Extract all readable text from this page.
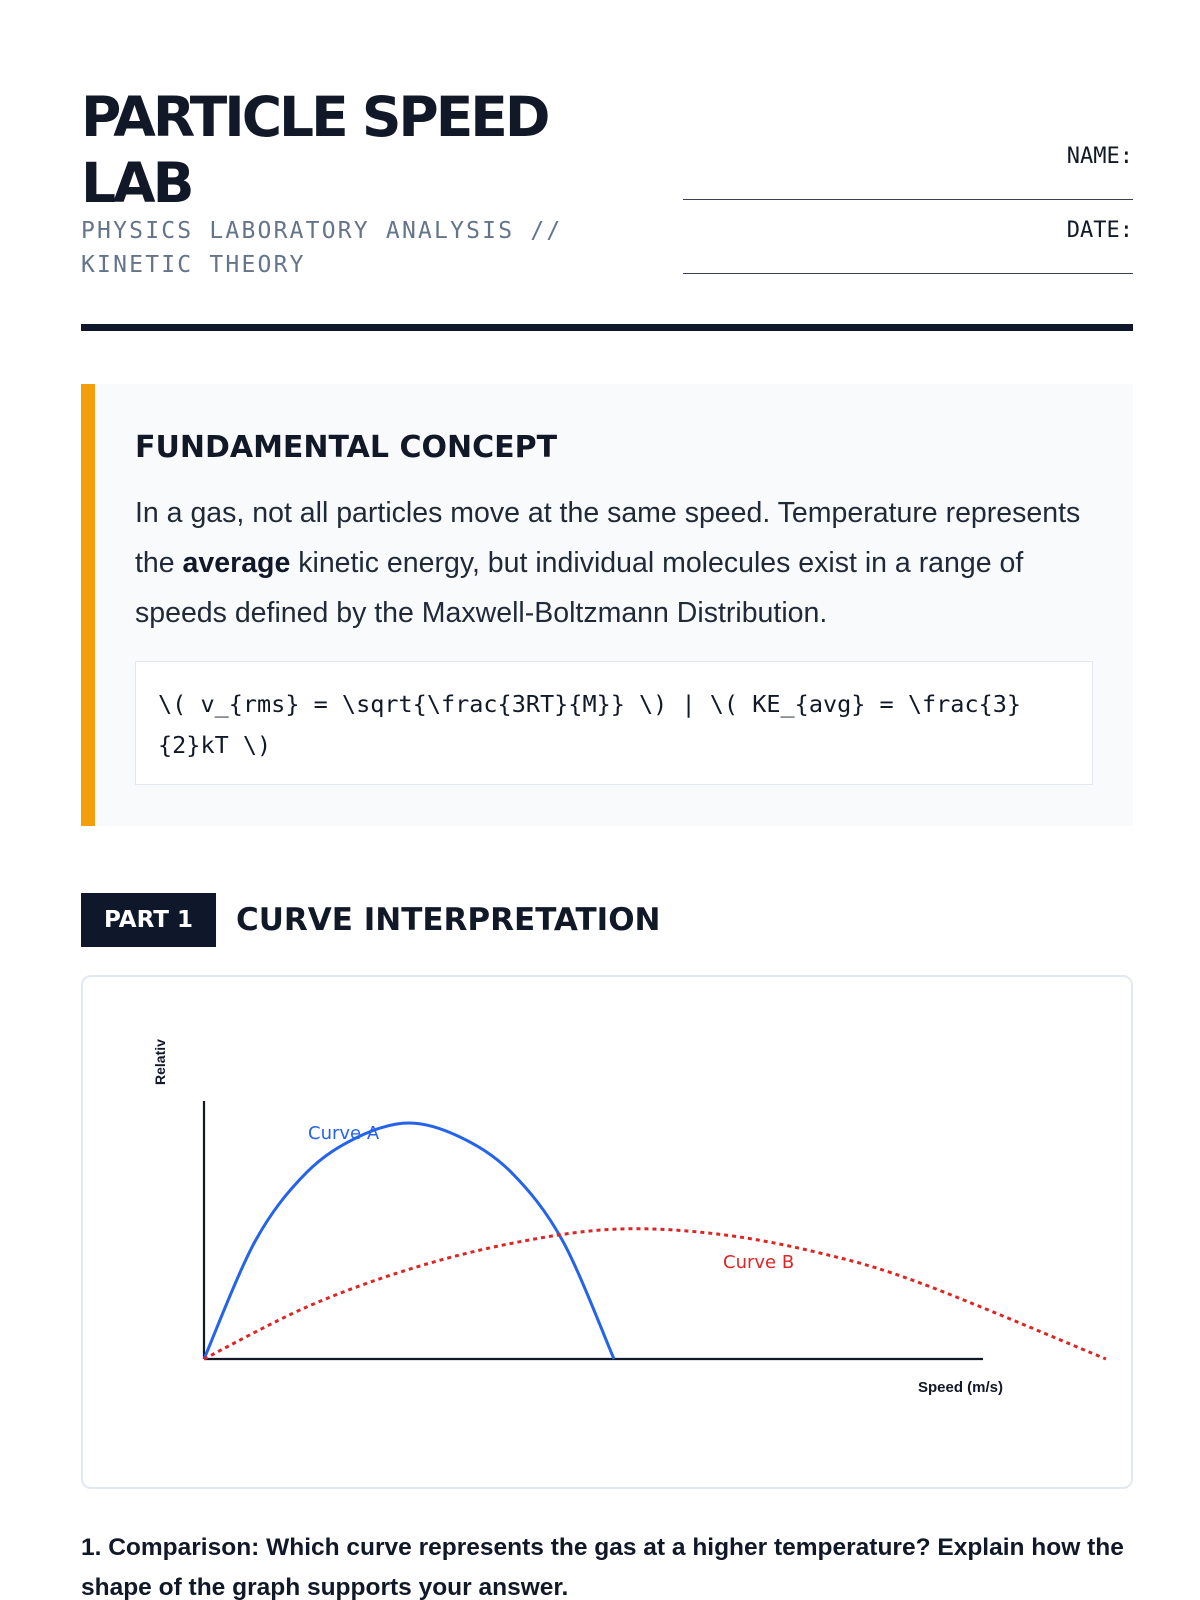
PARTICLE SPEED LAB
PHYSICS LABORATORY ANALYSIS // KINETIC THEORY
NAME:
DATE:
FUNDAMENTAL CONCEPT

In a gas, not all particles move at the same speed. Temperature represents the average kinetic energy, but individual molecules exist in a range of speeds defined by the Maxwell-Boltzmann Distribution.

\( v_{rms} = \sqrt{\frac{3RT}{M}} \) | \( KE_{avg} = \frac{3}{2}kT \)
PART 1	CURVE INTERPRETATION
Relativ
Speed (m/s)
Curve A
Curve B
1. Comparison: Which curve represents the gas at a higher temperature? Explain how the shape of the graph supports your answer.
